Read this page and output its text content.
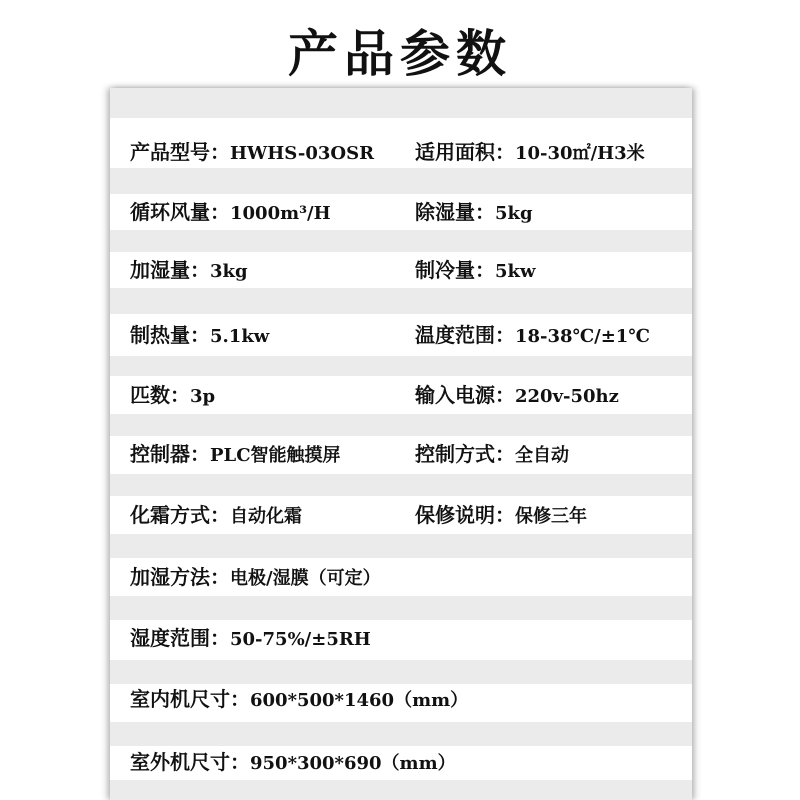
产品参数
产品型号：HWHS-03OSR 适用面积：10-30㎡/H3米
循环风量：1000m³/H	除湿量：5kg
加湿量：3kg	制冷量：5kw
制热量：5.1kw	温度范围：18-38℃/±1℃
匹数：3p	输入电源：220v-50hz
控制器：PLC智能触摸屏	控制方式：全自动
化霜方式：自动化霜	保修说明：保修三年
加湿方法：电极/湿膜（可定）
湿度范围：50-75%/±5RH
室内机尺寸：600*500*1460（mm）
室外机尺寸：950*300*690（mm）
